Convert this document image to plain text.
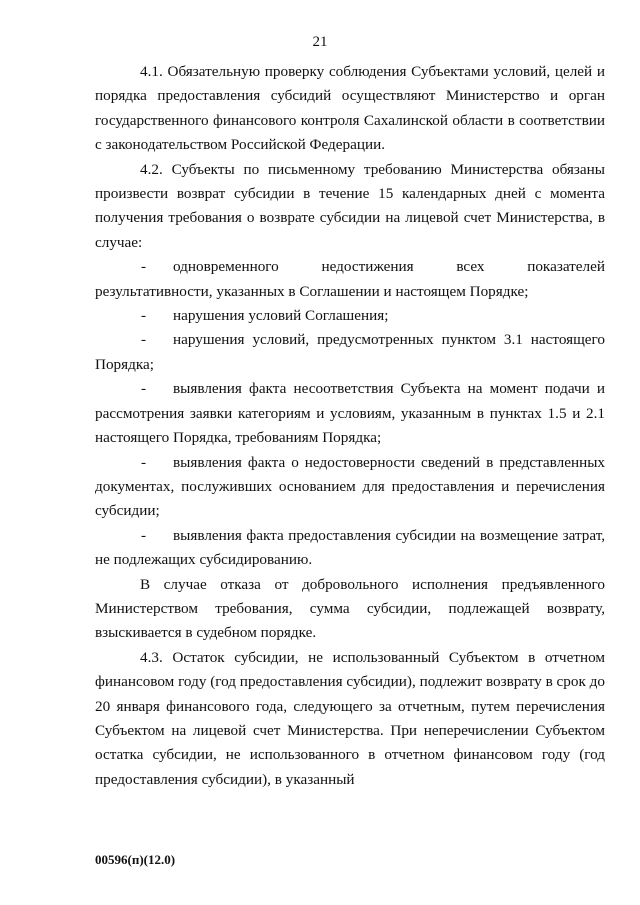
21

4.1. Обязательную проверку соблюдения Субъектами условий, целей и порядка предоставления субсидий осуществляют Министерство и орган государственного финансового контроля Сахалинской области в соответствии с законодательством Российской Федерации.

4.2. Субъекты по письменному требованию Министерства обязаны произвести возврат субсидии в течение 15 календарных дней с момента получения требования о возврате субсидии на лицевой счет Министерства, в случае:

- одновременного недостижения всех показателей результативности, указанных в Соглашении и настоящем Порядке;

- нарушения условий Соглашения;

- нарушения условий, предусмотренных пунктом 3.1 настоящего Порядка;

- выявления факта несоответствия Субъекта на момент подачи и рассмотрения заявки категориям и условиям, указанным в пунктах 1.5 и 2.1 настоящего Порядка, требованиям Порядка;

- выявления факта о недостоверности сведений в представленных документах, послуживших основанием для предоставления и перечисления субсидии;

- выявления факта предоставления субсидии на возмещение затрат, не подлежащих субсидированию.

В случае отказа от добровольного исполнения предъявленного Министерством требования, сумма субсидии, подлежащей возврату, взыскивается в судебном порядке.

4.3. Остаток субсидии, не использованный Субъектом в отчетном финансовом году (год предоставления субсидии), подлежит возврату в срок до 20 января финансового года, следующего за отчетным, путем перечисления Субъектом на лицевой счет Министерства. При неперечислении Субъектом остатка субсидии, не использованного в отчетном финансовом году (год предоставления субсидии), в указанный

00596(п)(12.0)
